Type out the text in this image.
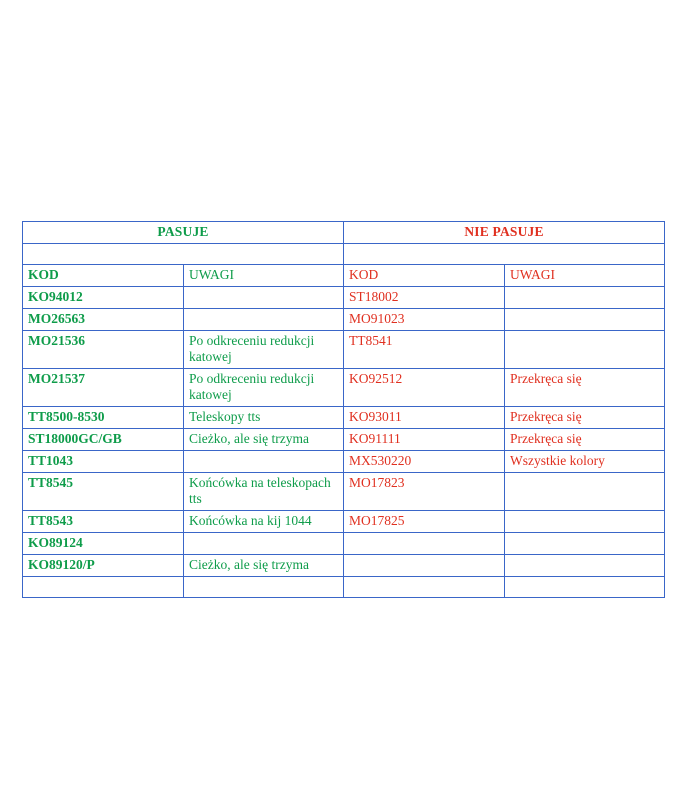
PASUJE		NIE PASUJE	

KOD	UWAGI	KOD	UWAGI
KO94012		ST18002	
MO26563		MO91023	
MO21536	Po odkreceniu redukcji katowej	TT8541	
MO21537	Po odkreceniu redukcji katowej	KO92512	Przekręca się
TT8500-8530	Teleskopy tts	KO93011	Przekręca się
ST18000GC/GB	Cieżko, ale się trzyma	KO91111	Przekręca się
TT1043		MX530220	Wszystkie kolory
TT8545	Końcówka na teleskopach tts	MO17823	
TT8543	Końcówka na kij 1044	MO17825	
KO89124			
KO89120/P	Cieżko, ale się trzyma		
